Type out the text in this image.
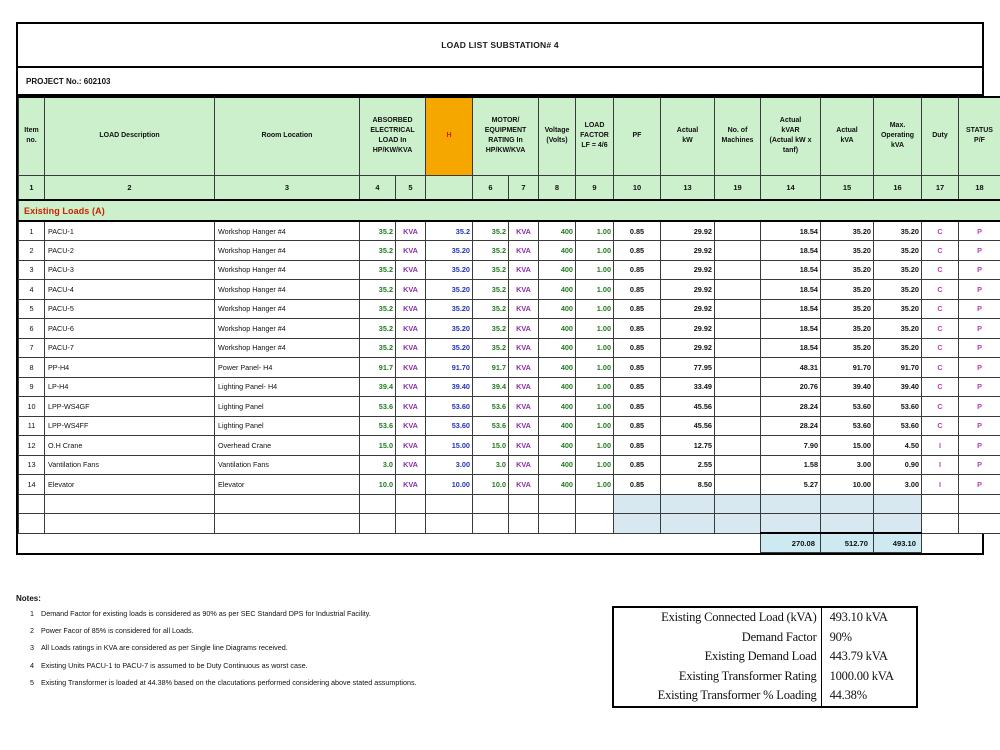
LOAD LIST SUBSTATION# 4
PROJECT No.: 602103
Item
no.	LOAD Description	Room Location	ABSORBED
ELECTRICAL
LOAD In
HP/KW/KVA		H	MOTOR/
EQUIPMENT
RATING In
HP/KW/KVA		Voltage
(Volts)	LOAD
FACTOR
LF = 4/6	PF	Actual
kW	No. of
Machines	Actual
kVAR
(Actual kW x
tanf)	Actual
kVA	Max.
Operating
kVA	Duty	STATUS
P/F
1	2	3	4	5		6	7	8	9	10	13	19	14	15	16	17	18
Existing Loads (A)																	
1	PACU-1	Workshop Hanger #4	35.2	KVA	35.2	35.2	KVA	400	1.00	0.85	29.92		18.54	35.20	35.20	C	P
2	PACU-2	Workshop Hanger #4	35.2	KVA	35.20	35.2	KVA	400	1.00	0.85	29.92		18.54	35.20	35.20	C	P
3	PACU-3	Workshop Hanger #4	35.2	KVA	35.20	35.2	KVA	400	1.00	0.85	29.92		18.54	35.20	35.20	C	P
4	PACU-4	Workshop Hanger #4	35.2	KVA	35.20	35.2	KVA	400	1.00	0.85	29.92		18.54	35.20	35.20	C	P
5	PACU-5	Workshop Hanger #4	35.2	KVA	35.20	35.2	KVA	400	1.00	0.85	29.92		18.54	35.20	35.20	C	P
6	PACU-6	Workshop Hanger #4	35.2	KVA	35.20	35.2	KVA	400	1.00	0.85	29.92		18.54	35.20	35.20	C	P
7	PACU-7	Workshop Hanger #4	35.2	KVA	35.20	35.2	KVA	400	1.00	0.85	29.92		18.54	35.20	35.20	C	P
8	PP-H4	Power Panel- H4	91.7	KVA	91.70	91.7	KVA	400	1.00	0.85	77.95		48.31	91.70	91.70	C	P
9	LP-H4	Lighting Panel- H4	39.4	KVA	39.40	39.4	KVA	400	1.00	0.85	33.49		20.76	39.40	39.40	C	P
10	LPP-WS4GF	Lighting Panel	53.6	KVA	53.60	53.6	KVA	400	1.00	0.85	45.56		28.24	53.60	53.60	C	P
11	LPP-WS4FF	Lighting Panel	53.6	KVA	53.60	53.6	KVA	400	1.00	0.85	45.56		28.24	53.60	53.60	C	P
12	O.H Crane	Overhead Crane	15.0	KVA	15.00	15.0	KVA	400	1.00	0.85	12.75		7.90	15.00	4.50	I	P
13	Vantilation Fans	Vantilation Fans	3.0	KVA	3.00	3.0	KVA	400	1.00	0.85	2.55		1.58	3.00	0.90	I	P
14	Elevator	Elevator	10.0	KVA	10.00	10.0	KVA	400	1.00	0.85	8.50		5.27	10.00	3.00	I	P

													270.08	512.70	493.10		
Notes:
1 Demand Factor for existing loads is considered as 90% as per SEC Standard DPS for Industrial Facility.
2 Power Facor of 85% is considered for all Loads.
3 All Loads ratings in KVA are considered as per Single line Diagrams received.
4 Existing Units PACU-1 to PACU-7 is assumed to be Duty Continuous as worst case.
5 Existing Transformer is loaded at 44.38% based on the clacutations performed considering above stated assumptions.
Existing Connected Load (kVA)	493.10 kVA
Demand Factor	90%
Existing Demand Load	443.79 kVA
Existing Transformer Rating	1000.00 kVA
Existing Transformer % Loading	44.38%
